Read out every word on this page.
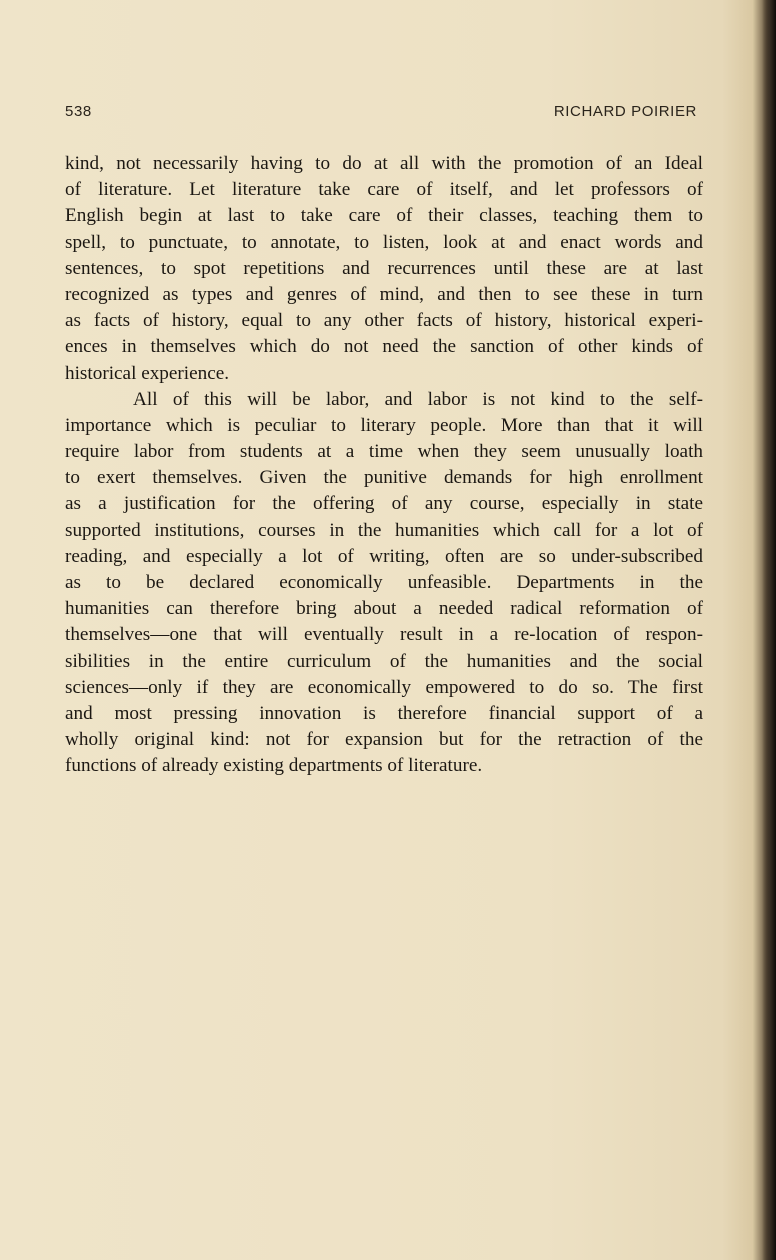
538	RICHARD POIRIER
kind, not necessarily having to do at all with the promotion of an Ideal
of literature. Let literature take care of itself, and let professors of
English begin at last to take care of their classes, teaching them to
spell, to punctuate, to annotate, to listen, look at and enact words and
sentences, to spot repetitions and recurrences until these are at last
recognized as types and genres of mind, and then to see these in turn
as facts of history, equal to any other facts of history, historical experi-
ences in themselves which do not need the sanction of other kinds of
historical experience.
All of this will be labor, and labor is not kind to the self-
importance which is peculiar to literary people. More than that it will
require labor from students at a time when they seem unusually loath
to exert themselves. Given the punitive demands for high enrollment
as a justification for the offering of any course, especially in state
supported institutions, courses in the humanities which call for a lot of
reading, and especially a lot of writing, often are so under-subscribed
as to be declared economically unfeasible. Departments in the
humanities can therefore bring about a needed radical reformation of
themselves—one that will eventually result in a re-location of respon-
sibilities in the entire curriculum of the humanities and the social
sciences—only if they are economically empowered to do so. The first
and most pressing innovation is therefore financial support of a
wholly original kind: not for expansion but for the retraction of the
functions of already existing departments of literature.
